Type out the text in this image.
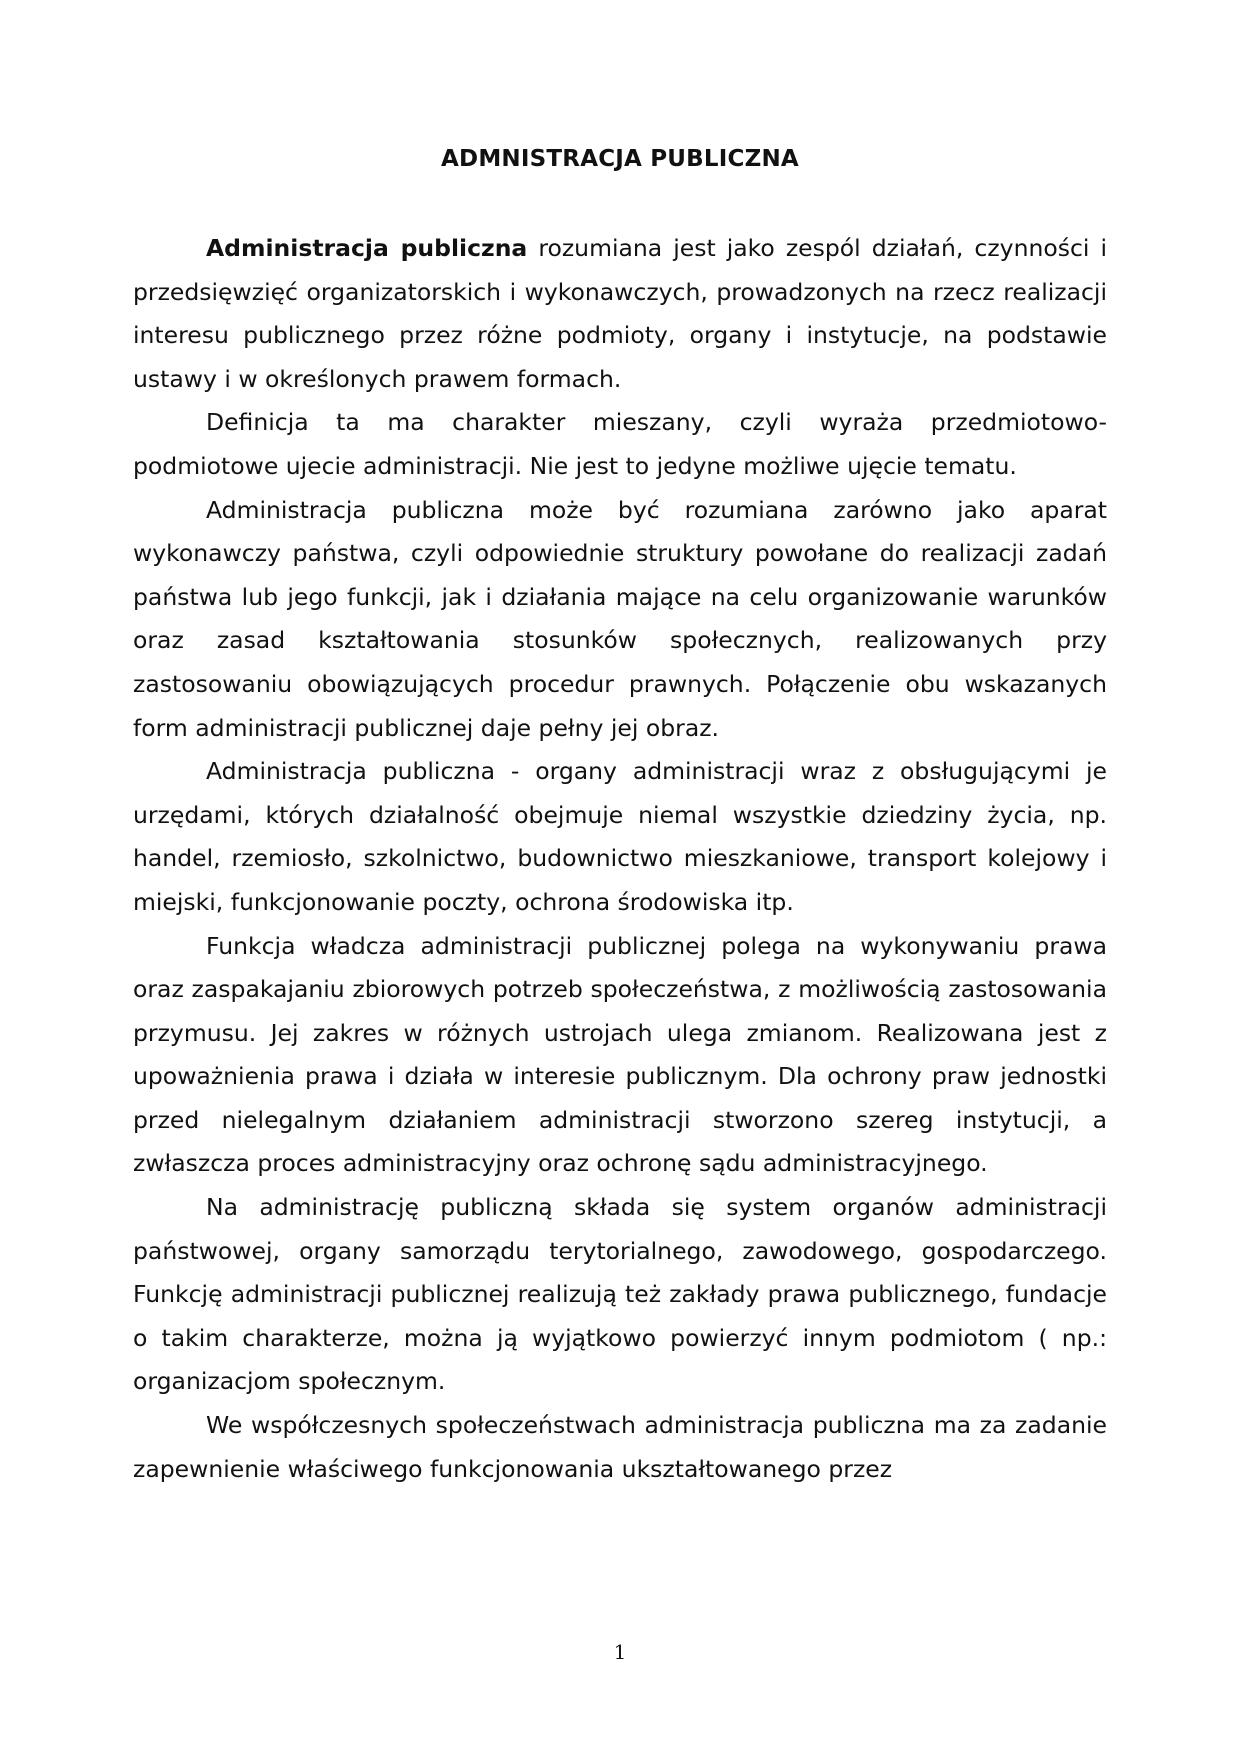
ADMNISTRACJA PUBLICZNA

Administracja publiczna rozumiana jest jako zespól działań, czynności i przedsięwzięć organizatorskich i wykonawczych, prowadzonych na rzecz realizacji interesu publicznego przez różne podmioty, organy i instytucje, na podstawie ustawy i w określonych prawem formach.

Definicja ta ma charakter mieszany, czyli wyraża przedmiotowo-podmiotowe ujecie administracji. Nie jest to jedyne możliwe ujęcie tematu.

Administracja publiczna może być rozumiana zarówno jako aparat wykonawczy państwa, czyli odpowiednie struktury powołane do realizacji zadań państwa lub jego funkcji, jak i działania mające na celu organizowanie warunków oraz zasad kształtowania stosunków społecznych, realizowanych przy zastosowaniu obowiązujących procedur prawnych. Połączenie obu wskazanych form administracji publicznej daje pełny jej obraz.

Administracja publiczna - organy administracji wraz z obsługującymi je urzędami, których działalność obejmuje niemal wszystkie dziedziny życia, np. handel, rzemiosło, szkolnictwo, budownictwo mieszkaniowe, transport kolejowy i miejski, funkcjonowanie poczty, ochrona środowiska itp.

Funkcja władcza administracji publicznej polega na wykonywaniu prawa oraz zaspakajaniu zbiorowych potrzeb społeczeństwa, z możliwością zastosowania przymusu. Jej zakres w różnych ustrojach ulega zmianom. Realizowana jest z upoważnienia prawa i działa w interesie publicznym. Dla ochrony praw jednostki przed nielegalnym działaniem administracji stworzono szereg instytucji, a zwłaszcza proces administracyjny oraz ochronę sądu administracyjnego.

Na administrację publiczną składa się system organów administracji państwowej, organy samorządu terytorialnego, zawodowego, gospodarczego. Funkcję administracji publicznej realizują też zakłady prawa publicznego, fundacje o takim charakterze, można ją wyjątkowo powierzyć innym podmiotom ( np.: organizacjom społecznym.

We współczesnych społeczeństwach administracja publiczna ma za zadanie zapewnienie właściwego funkcjonowania ukształtowanego przez

1
